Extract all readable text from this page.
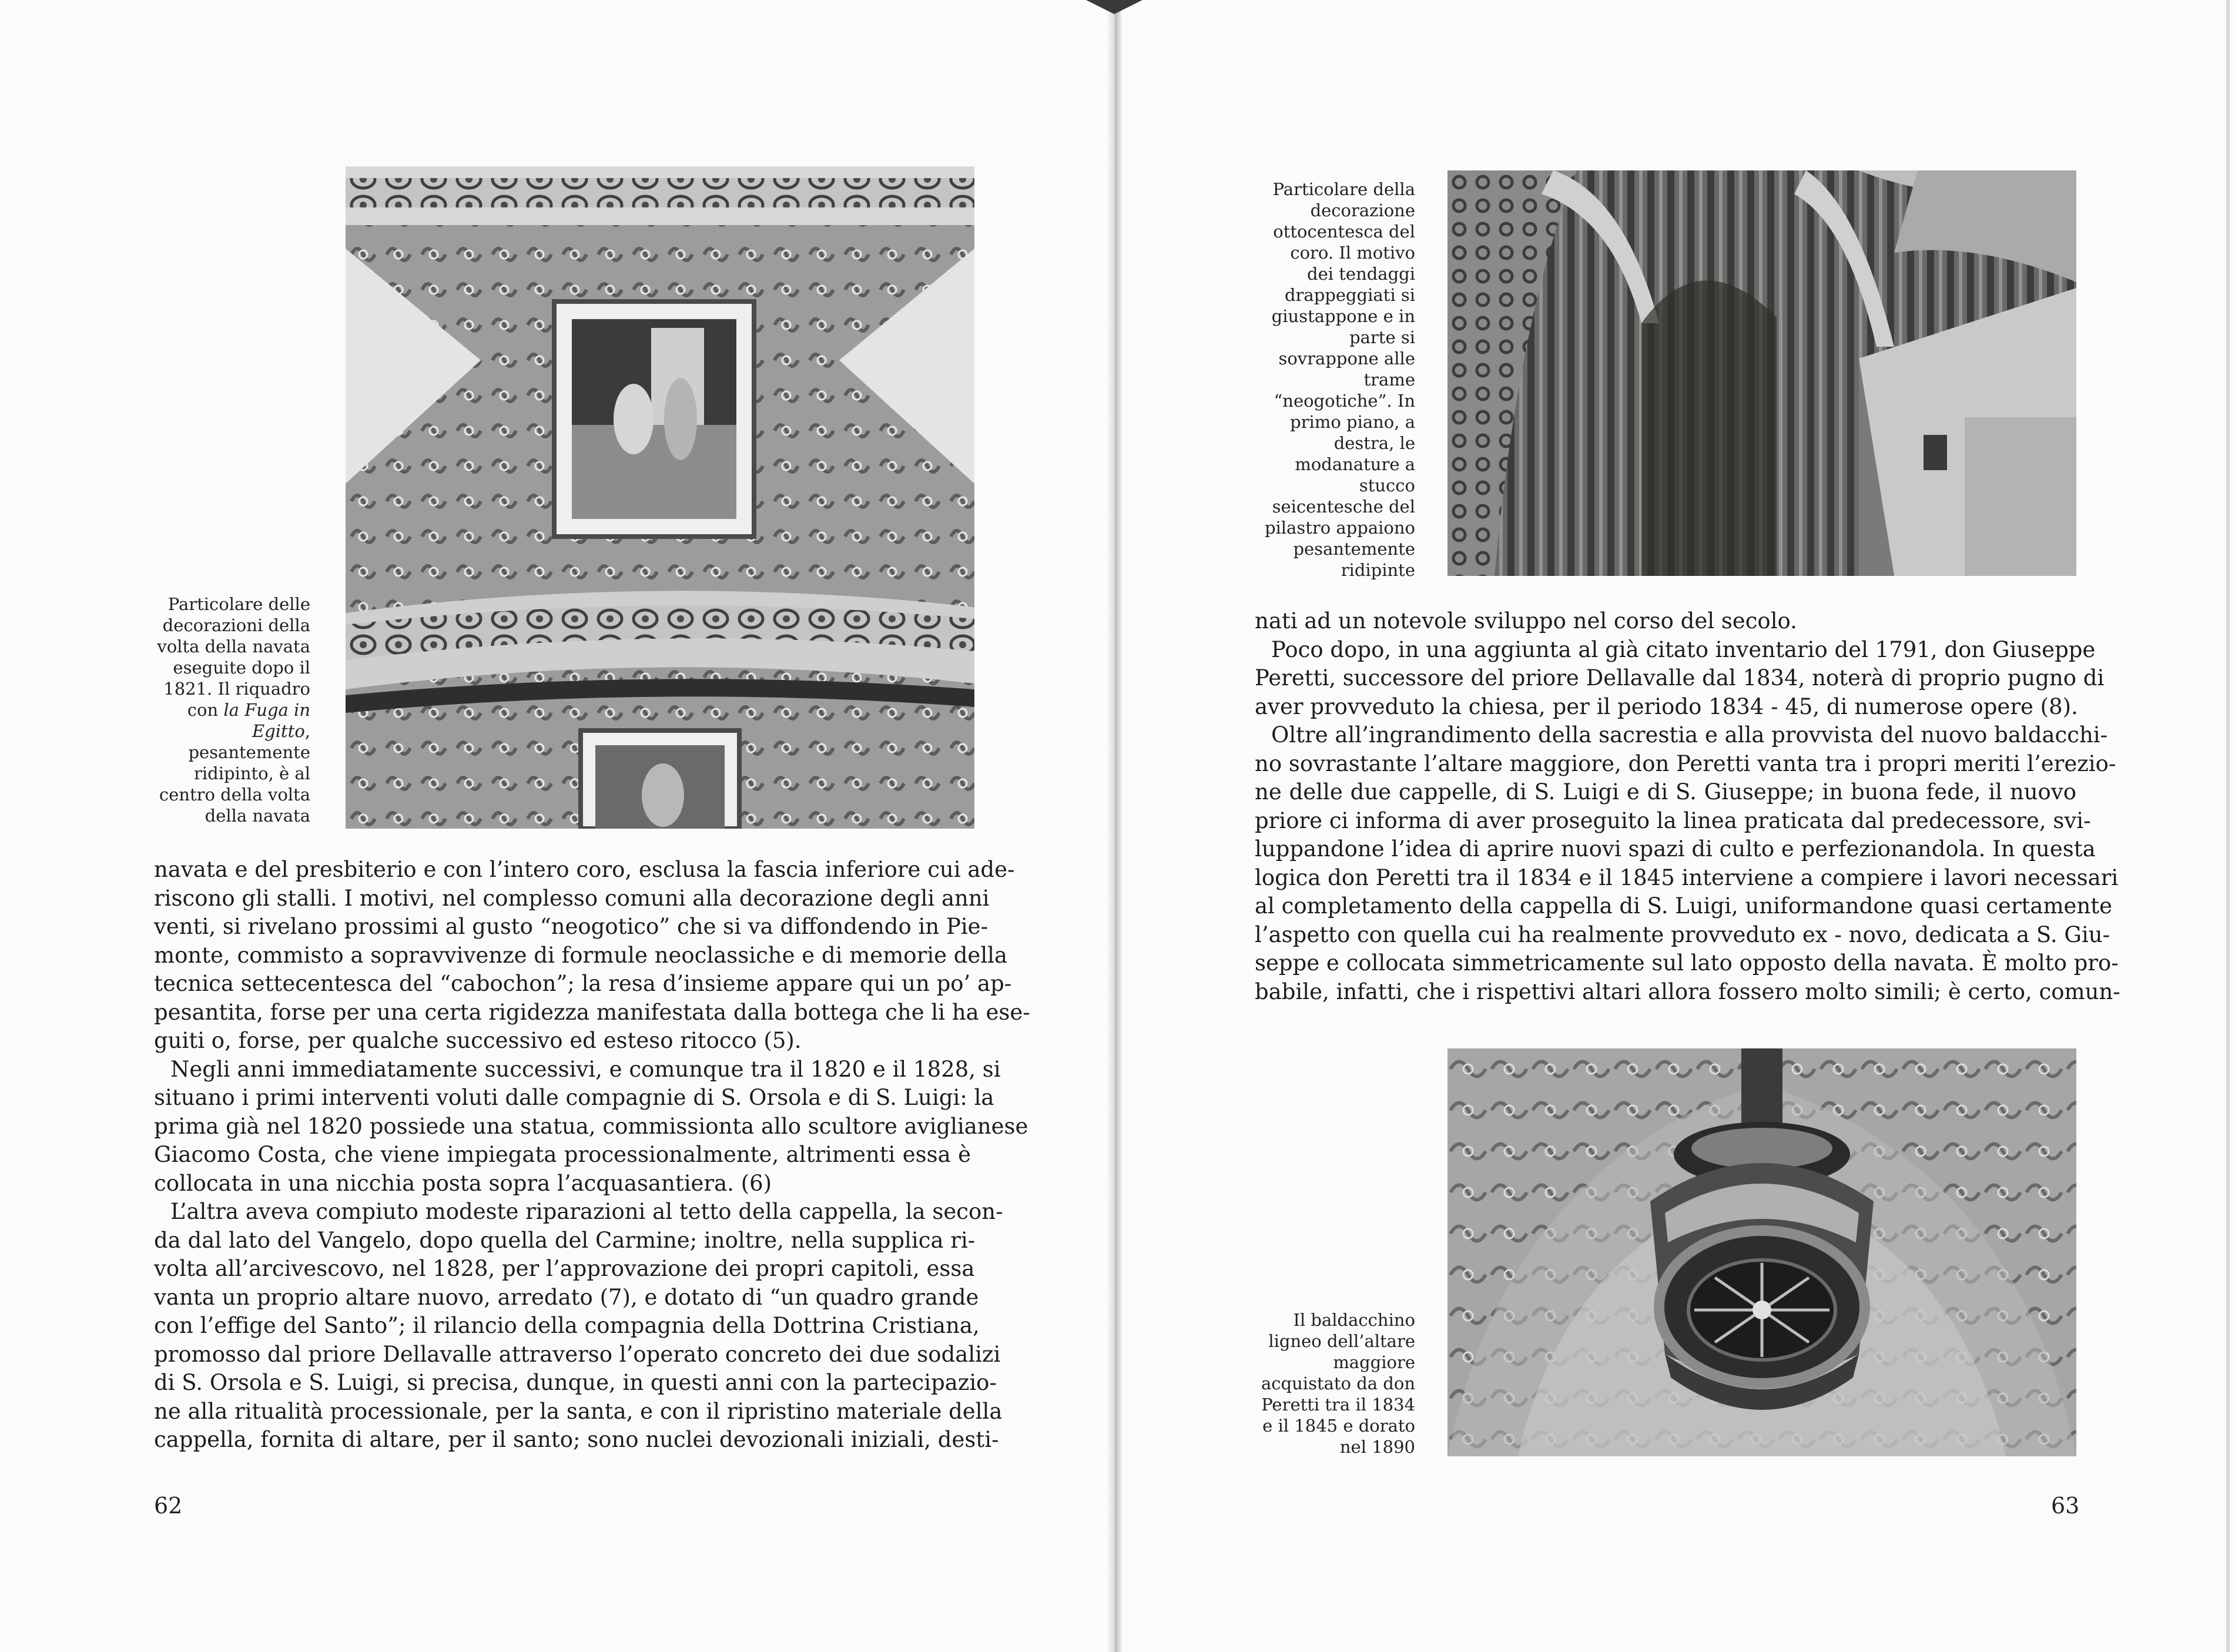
Particolare delle
decorazioni della
volta della navata
eseguite dopo il
1821. Il riquadro
con la Fuga in
Egitto,
pesantemente
ridipinto, è al
centro della volta
della navata
navata e del presbiterio e con l’intero coro, esclusa la fascia inferiore cui ade-
riscono gli stalli. I motivi, nel complesso comuni alla decorazione degli anni
venti, si rivelano prossimi al gusto “neogotico” che si va diffondendo in Pie-
monte, commisto a sopravvivenze di formule neoclassiche e di memorie della
tecnica settecentesca del “cabochon”; la resa d’insieme appare qui un po’ ap-
pesantita, forse per una certa rigidezza manifestata dalla bottega che li ha ese-
guiti o, forse, per qualche successivo ed esteso ritocco (5).
Negli anni immediatamente successivi, e comunque tra il 1820 e il 1828, si
situano i primi interventi voluti dalle compagnie di S. Orsola e di S. Luigi: la
prima già nel 1820 possiede una statua, commissionta allo scultore aviglianese
Giacomo Costa, che viene impiegata processionalmente, altrimenti essa è
collocata in una nicchia posta sopra l’acquasantiera. (6)
L’altra aveva compiuto modeste riparazioni al tetto della cappella, la secon-
da dal lato del Vangelo, dopo quella del Carmine; inoltre, nella supplica ri-
volta all’arcivescovo, nel 1828, per l’approvazione dei propri capitoli, essa
vanta un proprio altare nuovo, arredato (7), e dotato di “un quadro grande
con l’effige del Santo”; il rilancio della compagnia della Dottrina Cristiana,
promosso dal priore Dellavalle attraverso l’operato concreto dei due sodalizi
di S. Orsola e S. Luigi, si precisa, dunque, in questi anni con la partecipazio-
ne alla ritualità processionale, per la santa, e con il ripristino materiale della
cappella, fornita di altare, per il santo; sono nuclei devozionali iniziali, desti-
62
Particolare della
decorazione
ottocentesca del
coro. Il motivo
dei tendaggi
drappeggiati si
giustappone e in
parte si
sovrappone alle
trame
“neogotiche”. In
primo piano, a
destra, le
modanature a
stucco
seicentesche del
pilastro appaiono
pesantemente
ridipinte
nati ad un notevole sviluppo nel corso del secolo.
Poco dopo, in una aggiunta al già citato inventario del 1791, don Giuseppe
Peretti, successore del priore Dellavalle dal 1834, noterà di proprio pugno di
aver provveduto la chiesa, per il periodo 1834 - 45, di numerose opere (8).
Oltre all’ingrandimento della sacrestia e alla provvista del nuovo baldacchi-
no sovrastante l’altare maggiore, don Peretti vanta tra i propri meriti l’erezio-
ne delle due cappelle, di S. Luigi e di S. Giuseppe; in buona fede, il nuovo
priore ci informa di aver proseguito la linea praticata dal predecessore, svi-
luppandone l’idea di aprire nuovi spazi di culto e perfezionandola. In questa
logica don Peretti tra il 1834 e il 1845 interviene a compiere i lavori necessari
al completamento della cappella di S. Luigi, uniformandone quasi certamente
l’aspetto con quella cui ha realmente provveduto ex - novo, dedicata a S. Giu-
seppe e collocata simmetricamente sul lato opposto della navata. È molto pro-
babile, infatti, che i rispettivi altari allora fossero molto simili; è certo, comun-
Il baldacchino
ligneo dell’altare
maggiore
acquistato da don
Peretti tra il 1834
e il 1845 e dorato
nel 1890
63
